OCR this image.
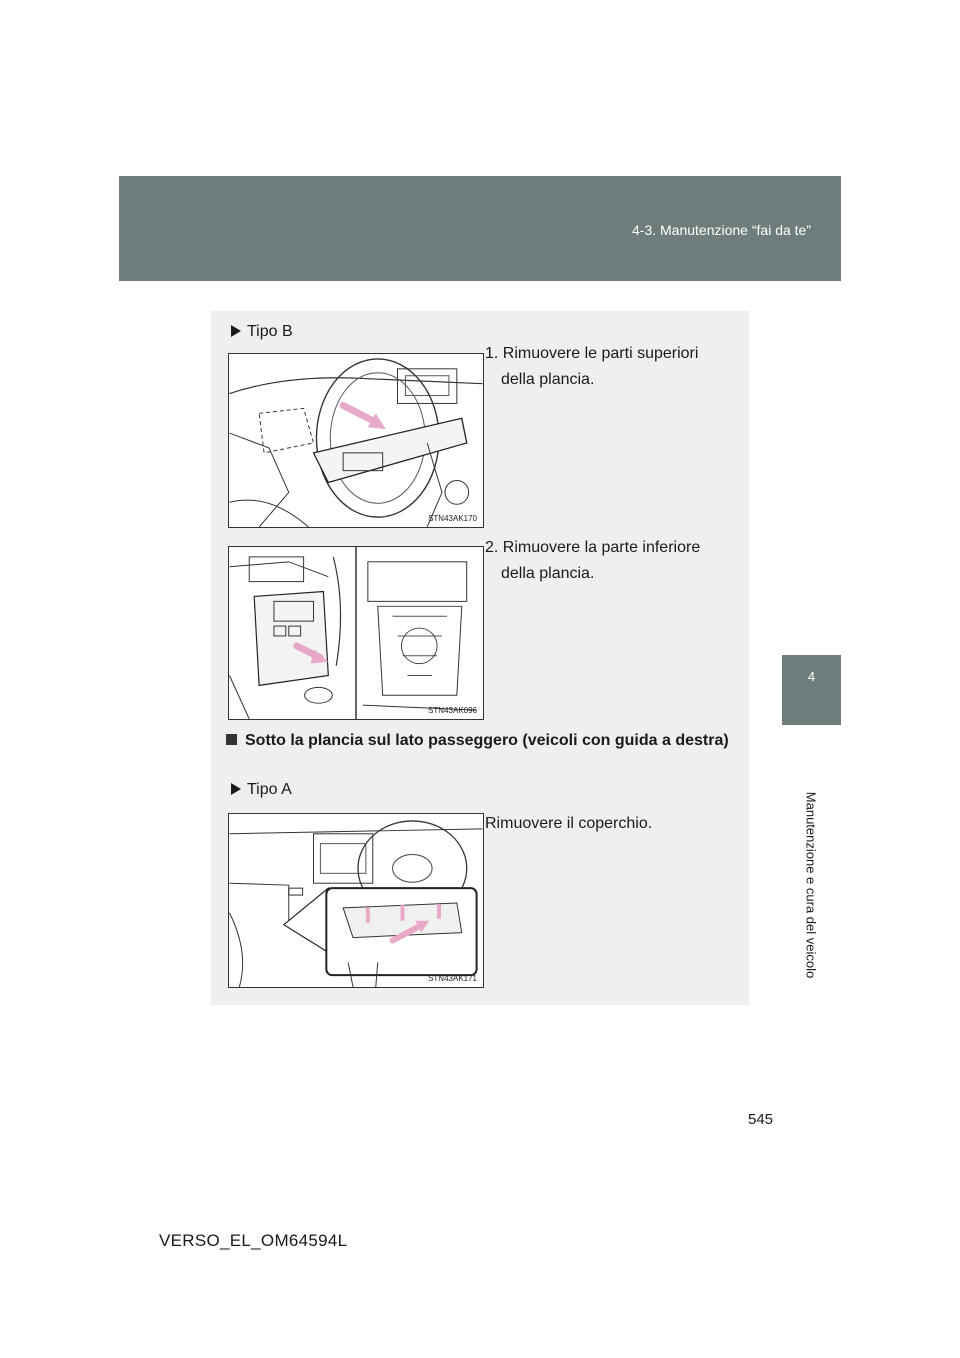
4-3. Manutenzione “fai da te”
4
Manutenzione e cura del veicolo
Tipo B
1. Rimuovere le parti superiori
della plancia.
STN43AK170
2. Rimuovere la parte inferiore
della plancia.
STN43AK096
Sotto la plancia sul lato passeggero (veicoli con guida a destra)
Tipo A
Rimuovere il coperchio.
STN43AK171
545
VERSO_EL_OM64594L
